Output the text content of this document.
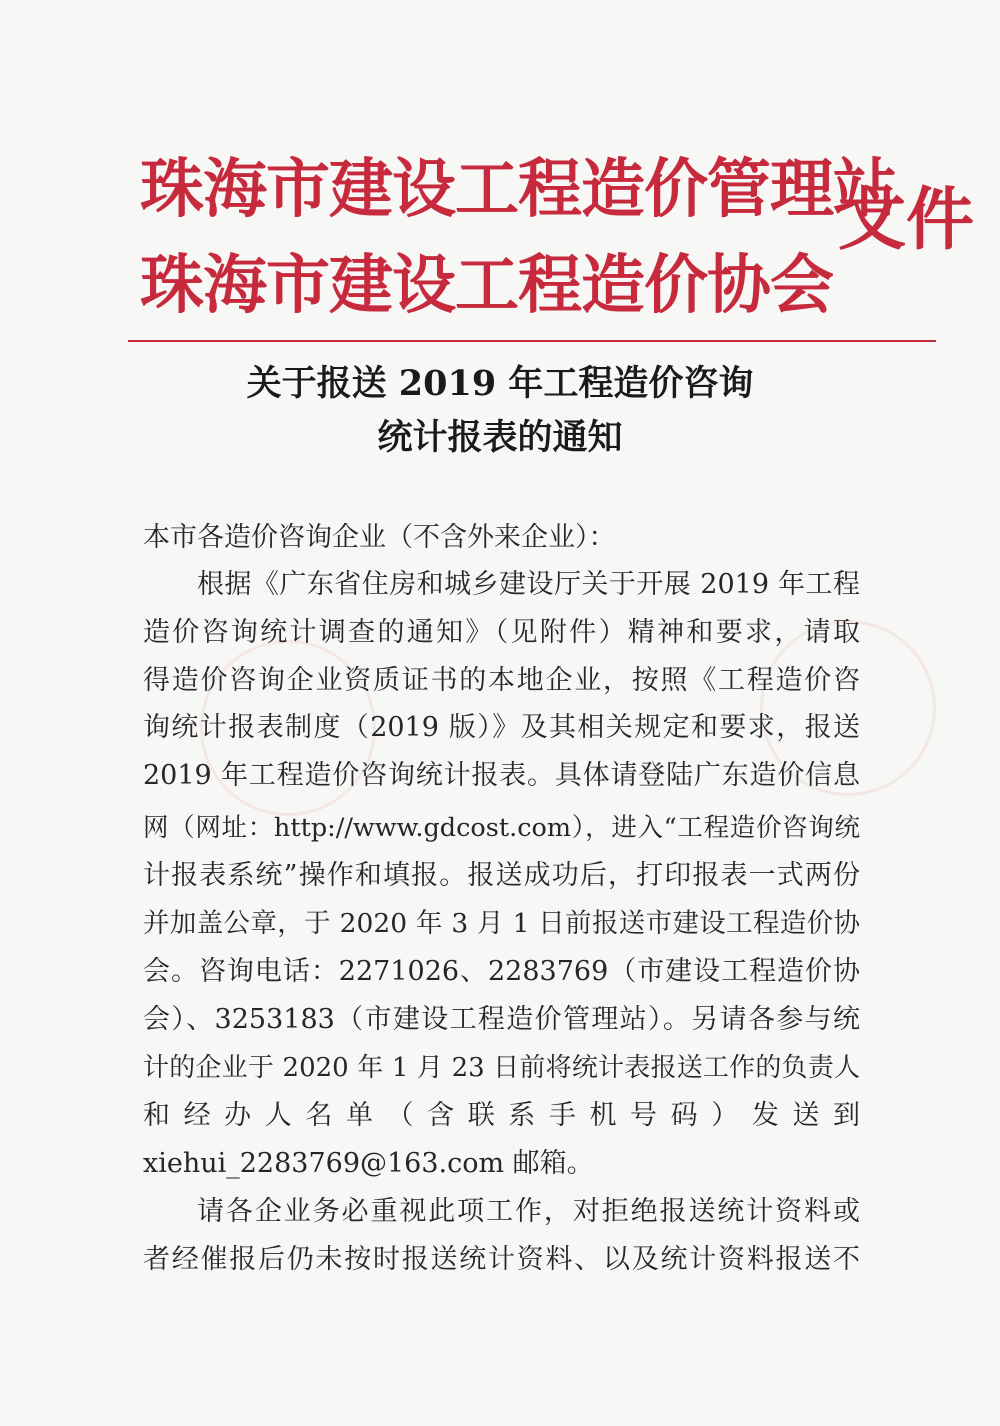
珠海市建设工程造价管理站
珠海市建设工程造价协会
文件
关于报送 2019 年工程造价咨询
统计报表的通知
本市各造价咨询企业（不含外来企业）：
根据《广东省住房和城乡建设厅关于开展 2019 年工程
造价咨询统计调查的通知》（见附件）精神和要求，请取
得造价咨询企业资质证书的本地企业，按照《工程造价咨
询统计报表制度（2019 版）》及其相关规定和要求，报送
2019 年工程造价咨询统计报表。具体请登陆广东造价信息
网（网址：http://www.gdcost.com），进入“工程造价咨询统
计报表系统”操作和填报。报送成功后，打印报表一式两份
并加盖公章，于 2020 年 3 月 1 日前报送市建设工程造价协
会。咨询电话：2271026、2283769（市建设工程造价协
会）、3253183（市建设工程造价管理站）。另请各参与统
计的企业于 2020 年 1 月 23 日前将统计表报送工作的负责人
和经办人名单（含联系手机号码）发送到
xiehui_2283769@163.com 邮箱。
请各企业务必重视此项工作，对拒绝报送统计资料或
者经催报后仍未按时报送统计资料、以及统计资料报送不
